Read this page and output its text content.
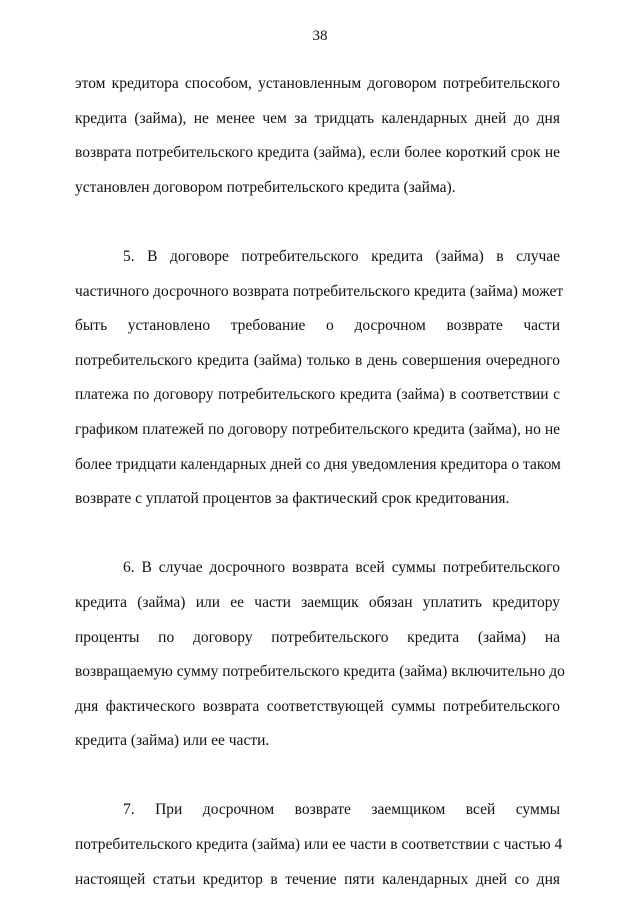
38
этом кредитора способом, установленным договором потребительского
кредита (займа), не менее чем за тридцать календарных дней до дня
возврата потребительского кредита (займа), если более короткий срок не
установлен договором потребительского кредита (займа).
5. В договоре потребительского кредита (займа) в случае
частичного досрочного возврата потребительского кредита (займа) может
быть установлено требование о досрочном возврате части
потребительского кредита (займа) только в день совершения очередного
платежа по договору потребительского кредита (займа) в соответствии с
графиком платежей по договору потребительского кредита (займа), но не
более тридцати календарных дней со дня уведомления кредитора о таком
возврате с уплатой процентов за фактический срок кредитования.
6. В случае досрочного возврата всей суммы потребительского
кредита (займа) или ее части заемщик обязан уплатить кредитору
проценты по договору потребительского кредита (займа) на
возвращаемую сумму потребительского кредита (займа) включительно до
дня фактического возврата соответствующей суммы потребительского
кредита (займа) или ее части.
7. При досрочном возврате заемщиком всей суммы
потребительского кредита (займа) или ее части в соответствии с частью 4
настоящей статьи кредитор в течение пяти календарных дней со дня
